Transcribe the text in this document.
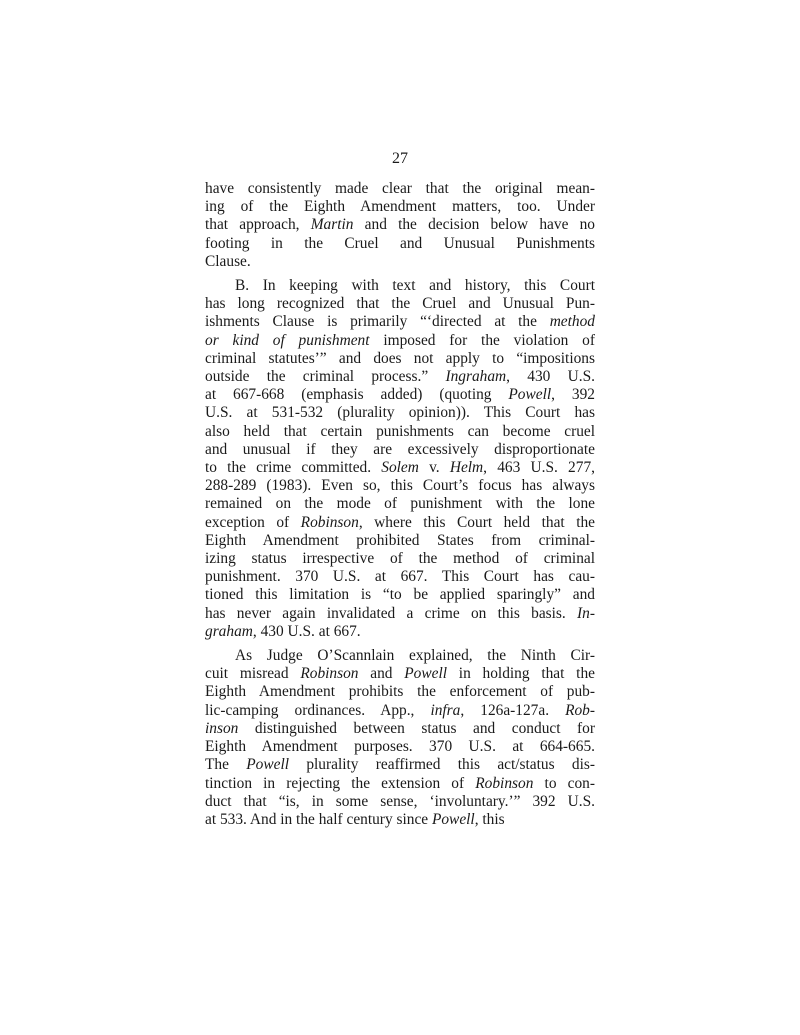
27
have consistently made clear that the original mean-
ing of the Eighth Amendment matters, too. Under
that approach, Martin and the decision below have no
footing in the Cruel and Unusual Punishments
Clause.
B. In keeping with text and history, this Court
has long recognized that the Cruel and Unusual Pun-
ishments Clause is primarily “‘directed at the method
or kind of punishment imposed for the violation of
criminal statutes’” and does not apply to “impositions
outside the criminal process.” Ingraham, 430 U.S.
at 667-668 (emphasis added) (quoting Powell, 392
U.S. at 531-532 (plurality opinion)). This Court has
also held that certain punishments can become cruel
and unusual if they are excessively disproportionate
to the crime committed. Solem v. Helm, 463 U.S. 277,
288-289 (1983). Even so, this Court’s focus has always
remained on the mode of punishment with the lone
exception of Robinson, where this Court held that the
Eighth Amendment prohibited States from criminal-
izing status irrespective of the method of criminal
punishment. 370 U.S. at 667. This Court has cau-
tioned this limitation is “to be applied sparingly” and
has never again invalidated a crime on this basis. In-
graham, 430 U.S. at 667.
As Judge O’Scannlain explained, the Ninth Cir-
cuit misread Robinson and Powell in holding that the
Eighth Amendment prohibits the enforcement of pub-
lic-camping ordinances. App., infra, 126a-127a. Rob-
inson distinguished between status and conduct for
Eighth Amendment purposes. 370 U.S. at 664-665.
The Powell plurality reaffirmed this act/status dis-
tinction in rejecting the extension of Robinson to con-
duct that “is, in some sense, ‘involuntary.’” 392 U.S.
at 533. And in the half century since Powell, this
